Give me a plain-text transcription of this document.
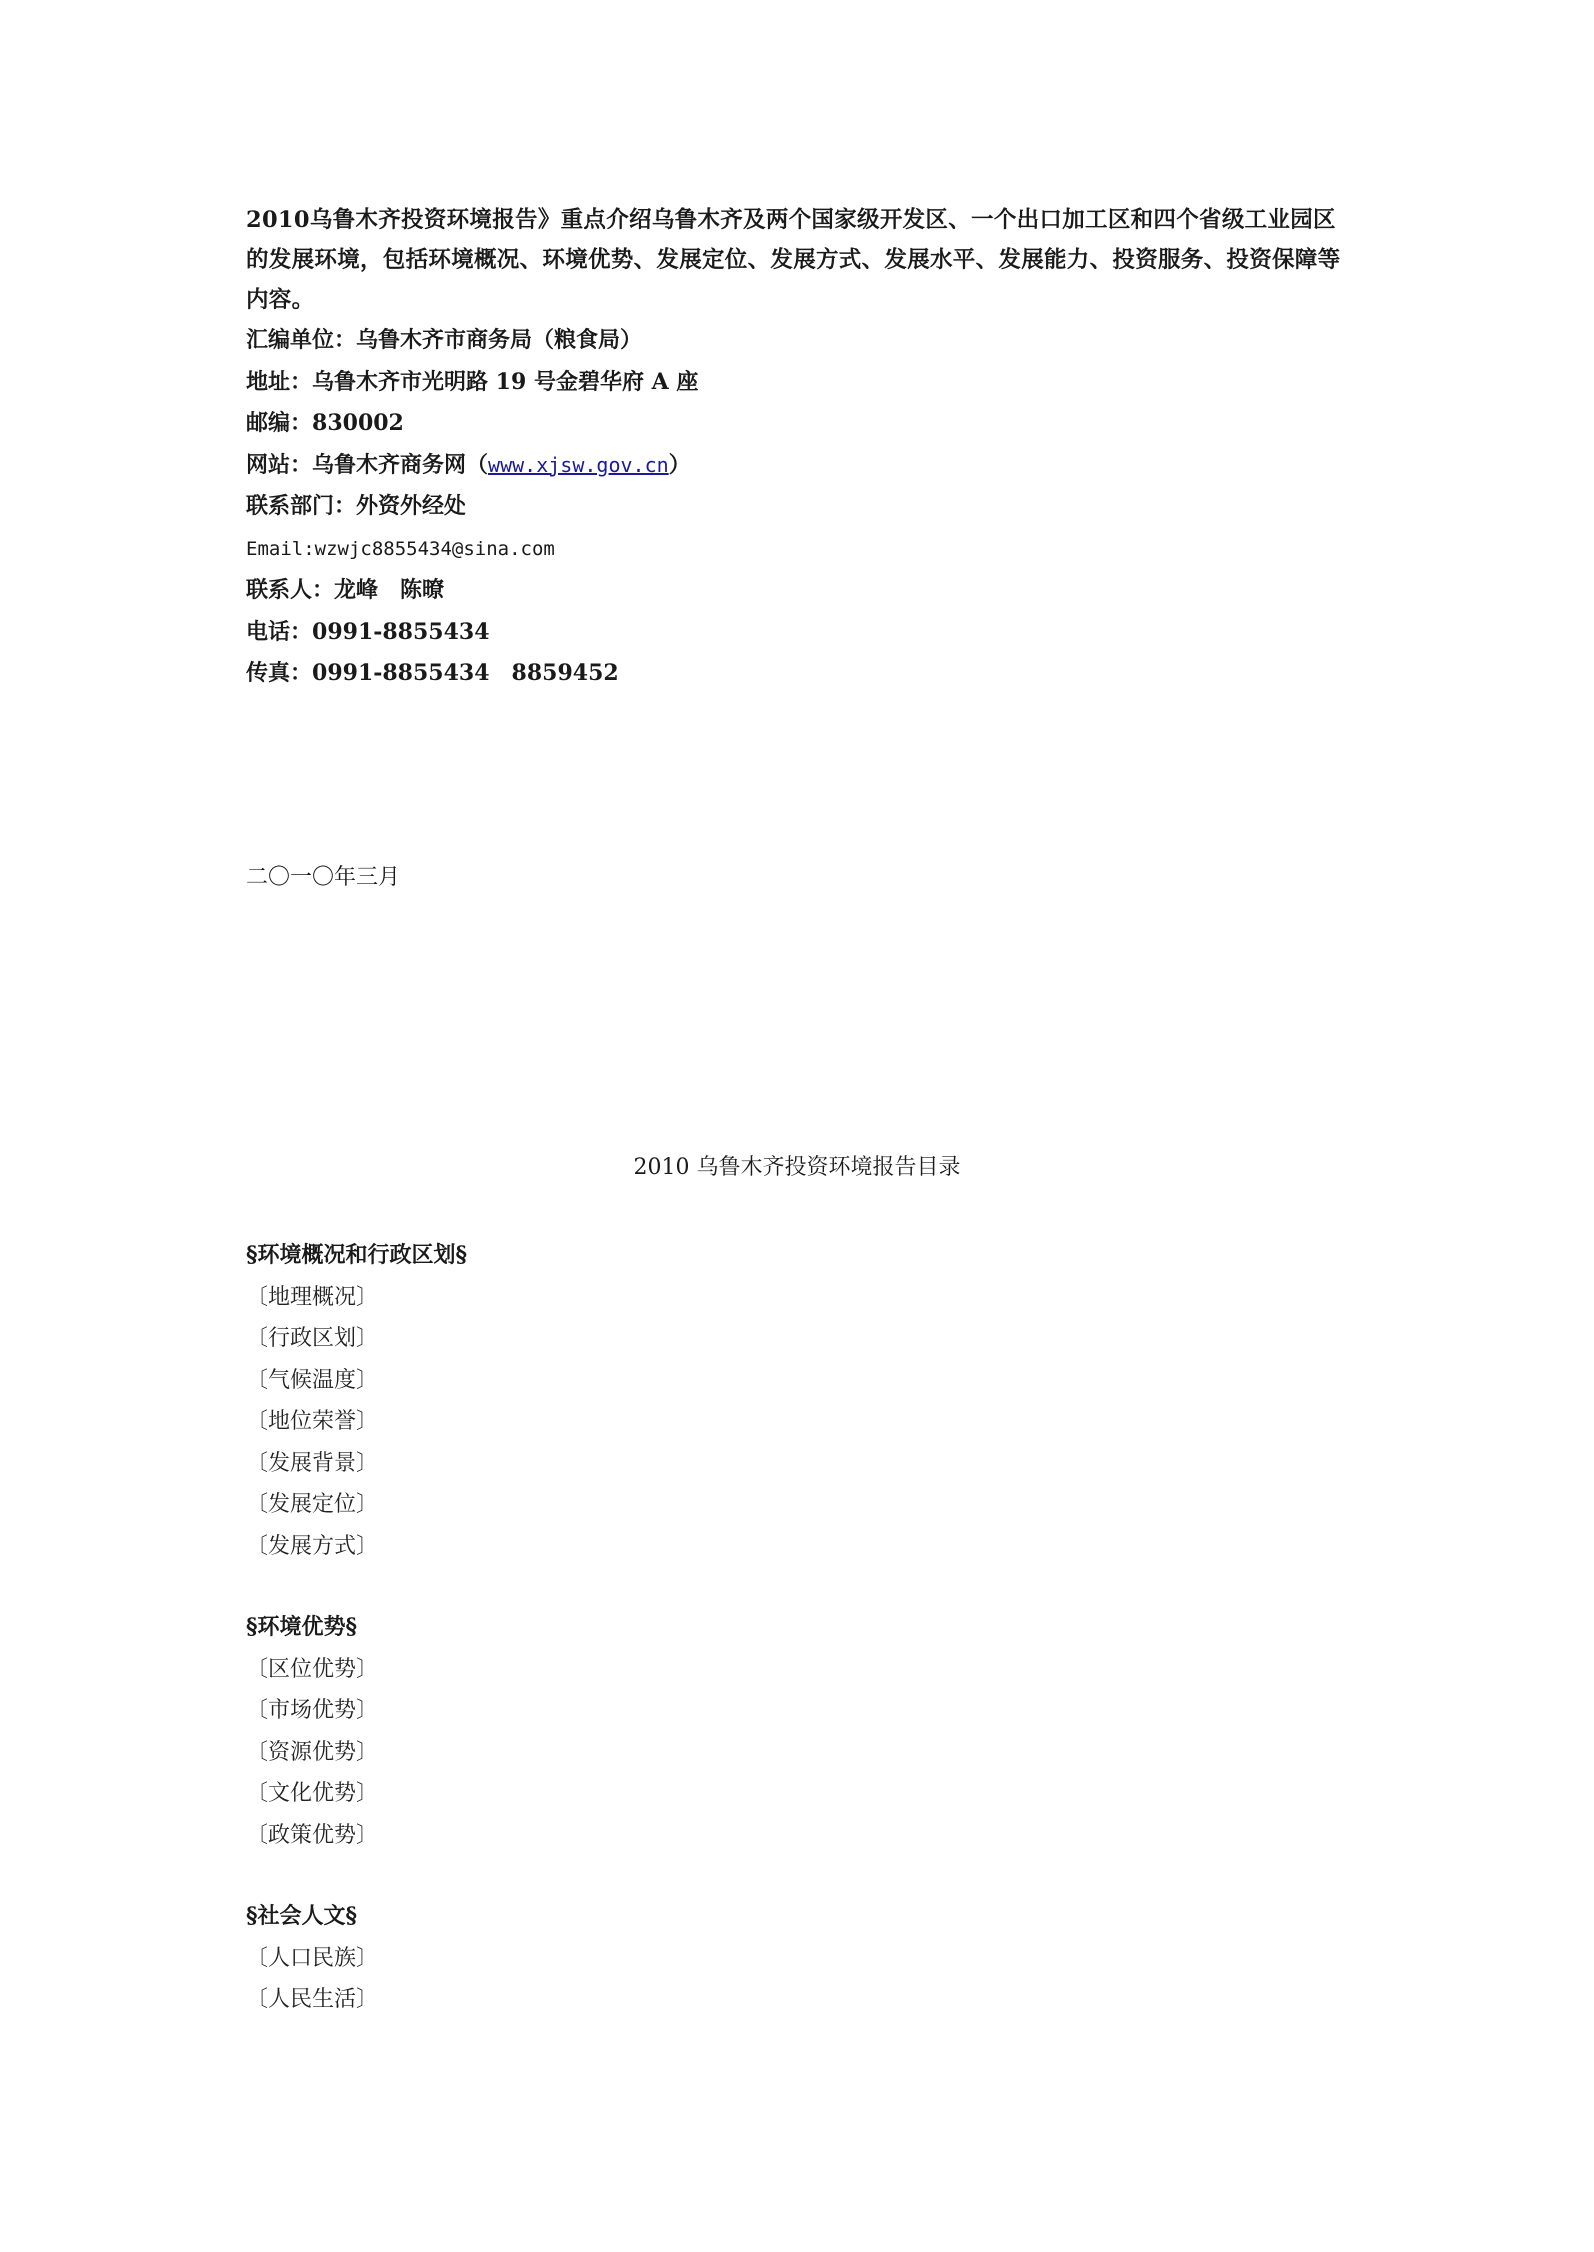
2010乌鲁木齐投资环境报告》重点介绍乌鲁木齐及两个国家级开发区、一个出口加工区和四个省级工业园区的发展环境，包括环境概况、环境优势、发展定位、发展方式、发展水平、发展能力、投资服务、投资保障等内容。

汇编单位：乌鲁木齐市商务局（粮食局）

地址：乌鲁木齐市光明路 19 号金碧华府 A 座

邮编：830002

网站：乌鲁木齐商务网（www.xjsw.gov.cn）

联系部门：外资外经处

Email:wzwjc8855434@sina.com

联系人：龙峰　陈暸

电话：0991-8855434

传真：0991-8855434　8859452

二〇一〇年三月

2010 乌鲁木齐投资环境报告目录

§环境概况和行政区划§

〔地理概况〕

〔行政区划〕

〔气候温度〕

〔地位荣誉〕

〔发展背景〕

〔发展定位〕

〔发展方式〕

§环境优势§

〔区位优势〕

〔市场优势〕

〔资源优势〕

〔文化优势〕

〔政策优势〕

§社会人文§

〔人口民族〕

〔人民生活〕
